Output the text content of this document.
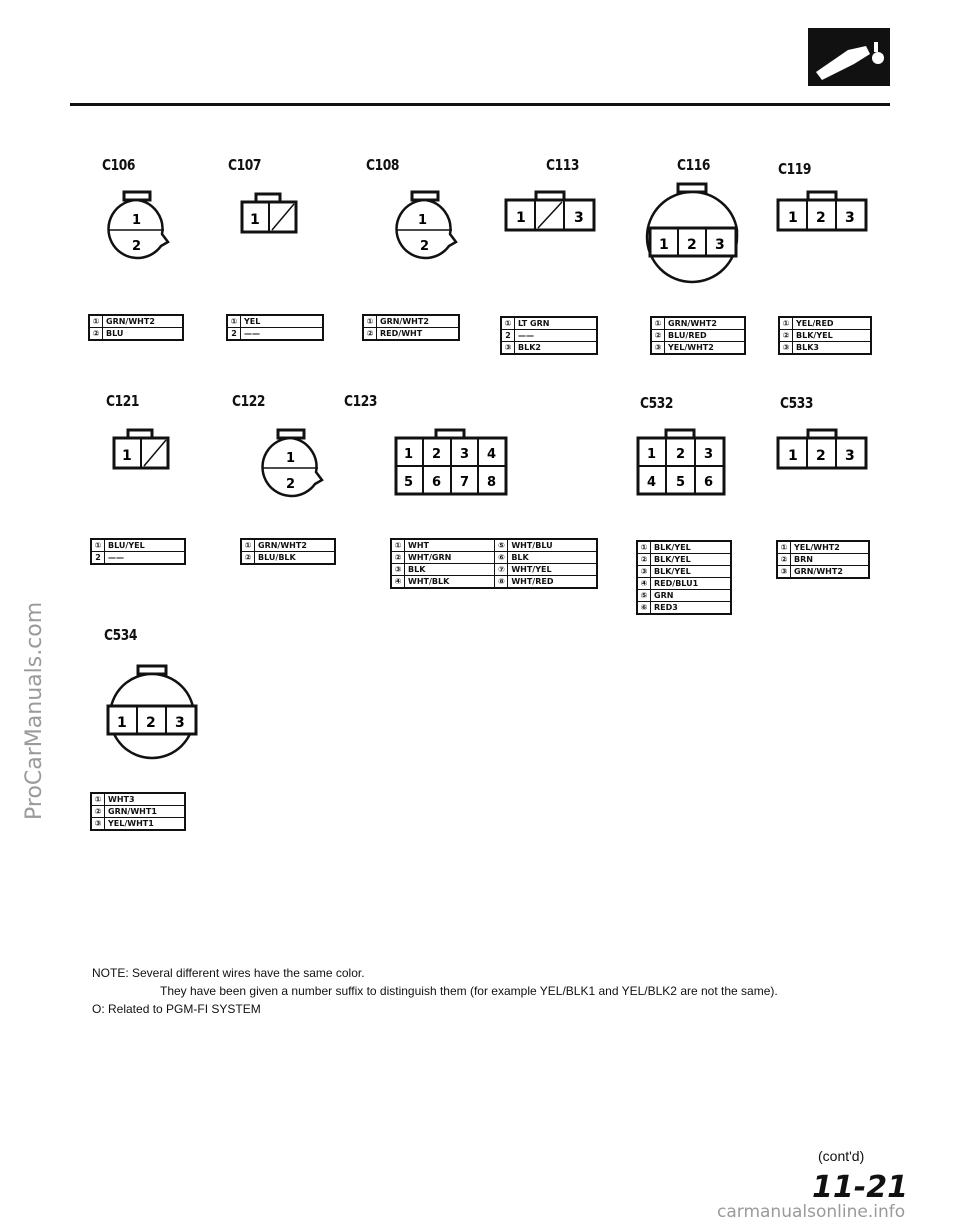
ProCarManuals.com
carmanualsonline.info
C106	C107	C108	C113	C116	C119
1
2
1	1
2
1	3
1 2 3
1 2 3
①	GRN/WHT2
②	BLU
①	YEL
2	——
①	GRN/WHT2
②	RED/WHT
①	LT GRN
2	——
③	BLK2
①	GRN/WHT2
②	BLU/RED
③	YEL/WHT2
①	YEL/RED
②	BLK/YEL
③	BLK3
C121	C122	C123	C532	C533
1	1
2
1 2 3 4
5 6 7 8
1 2 3
4 5 6
1 2 3
①	BLU/YEL
2	——
①	GRN/WHT2
②	BLU/BLK
①	WHT	⑤	WHT/BLU
②	WHT/GRN	⑥	BLK
③	BLK	⑦	WHT/YEL
④	WHT/BLK	⑧	WHT/RED
①	BLK/YEL
②	BLK/YEL
③	BLK/YEL
④	RED/BLU1
⑤	GRN
⑥	RED3
①	YEL/WHT2
②	BRN
③	GRN/WHT2
C534
1 2 3
①	WHT3
②	GRN/WHT1
③	YEL/WHT1
NOTE: Several different wires have the same color.
They have been given a number suffix to distinguish them (for example YEL/BLK1 and YEL/BLK2 are not the same).
O: Related to PGM-FI SYSTEM
(cont'd)
11-21
